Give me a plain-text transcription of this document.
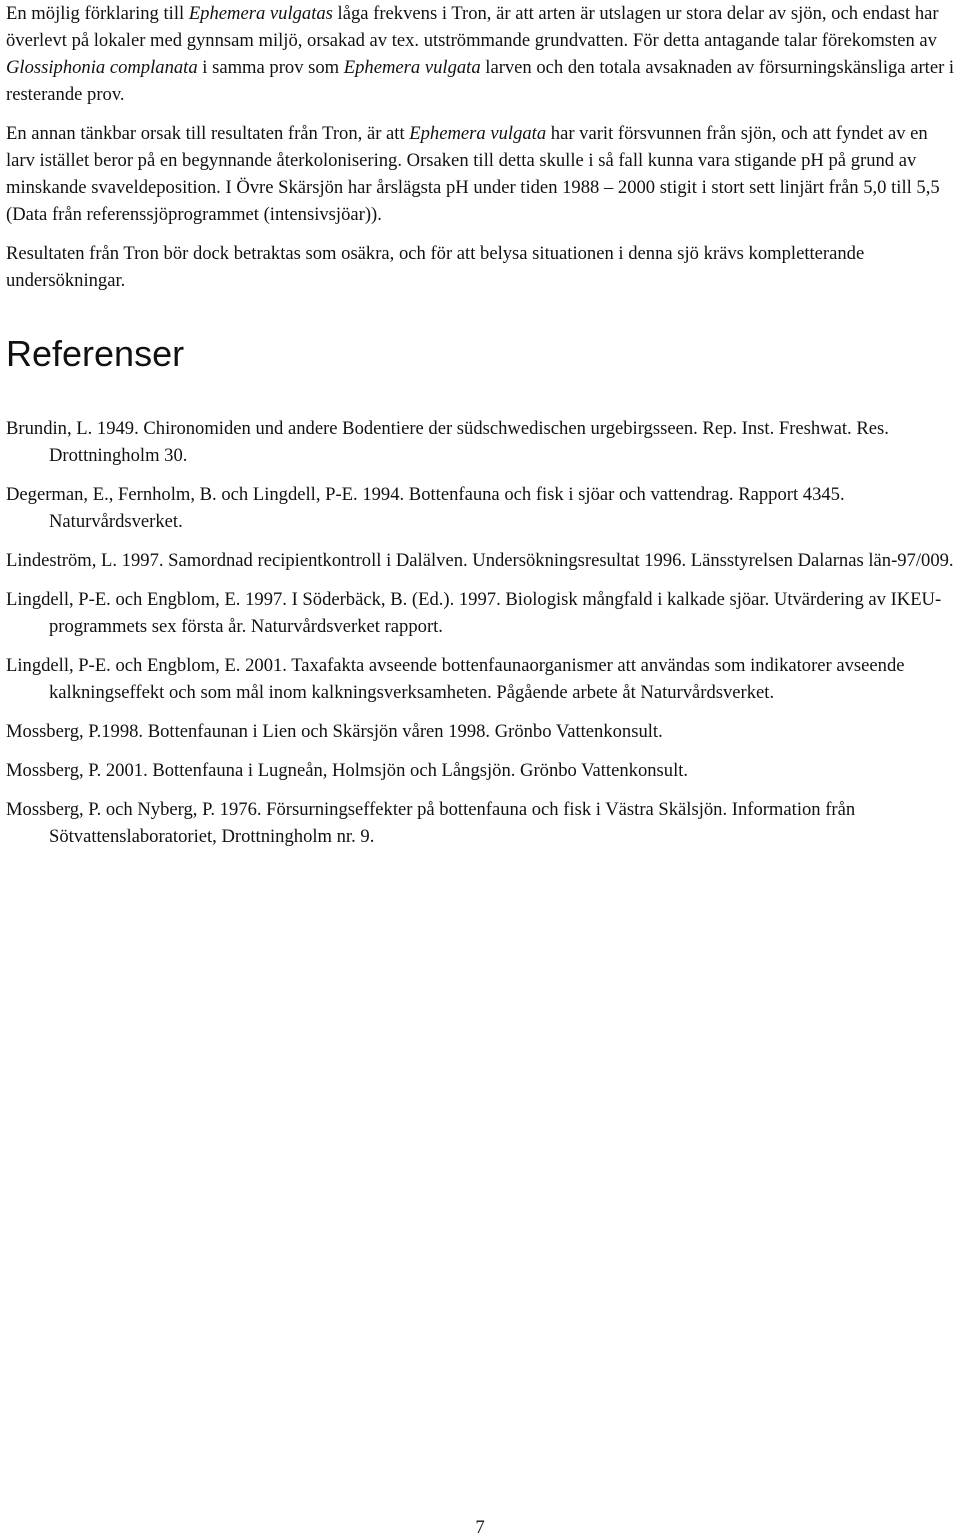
En möjlig förklaring till Ephemera vulgatas låga frekvens i Tron, är att arten är utslagen ur stora delar av sjön, och endast har överlevt på lokaler med gynnsam miljö, orsakad av tex. utströmmande grundvatten. För detta antagande talar förekomsten av Glossiphonia complanata i samma prov som Ephemera vulgata larven och den totala avsaknaden av försurningskänsliga arter i resterande prov.

En annan tänkbar orsak till resultaten från Tron, är att Ephemera vulgata har varit försvunnen från sjön, och att fyndet av en larv istället beror på en begynnande återkolonisering. Orsaken till detta skulle i så fall kunna vara stigande pH på grund av minskande svaveldeposition. I Övre Skärsjön har årslägsta pH under tiden 1988 – 2000 stigit i stort sett linjärt från 5,0 till 5,5 (Data från referenssjöprogrammet (intensivsjöar)).

Resultaten från Tron bör dock betraktas som osäkra, och för att belysa situationen i denna sjö krävs kompletterande undersökningar.

Referenser

Brundin, L. 1949. Chironomiden und andere Bodentiere der südschwedischen urgebirgsseen. Rep. Inst. Freshwat. Res. Drottningholm 30.

Degerman, E., Fernholm, B. och Lingdell, P-E. 1994. Bottenfauna och fisk i sjöar och vattendrag. Rapport 4345. Naturvårdsverket.

Lindeström, L. 1997. Samordnad recipientkontroll i Dalälven. Undersökningsresultat 1996. Länsstyrelsen Dalarnas län-97/009.

Lingdell, P-E. och Engblom, E. 1997. I Söderbäck, B. (Ed.). 1997. Biologisk mångfald i kalkade sjöar. Utvärdering av IKEU-programmets sex första år. Naturvårdsverket rapport.

Lingdell, P-E. och Engblom, E. 2001. Taxafakta avseende bottenfaunaorganismer att användas som indikatorer avseende kalkningseffekt och som mål inom kalkningsverksamheten. Pågående arbete åt Naturvårdsverket.

Mossberg, P.1998. Bottenfaunan i Lien och Skärsjön våren 1998. Grönbo Vattenkonsult.

Mossberg, P. 2001. Bottenfauna i Lugneån, Holmsjön och Långsjön. Grönbo Vattenkonsult.

Mossberg, P. och Nyberg, P. 1976. Försurningseffekter på bottenfauna och fisk i Västra Skälsjön. Information från Sötvattenslaboratoriet, Drottningholm nr. 9.

7
